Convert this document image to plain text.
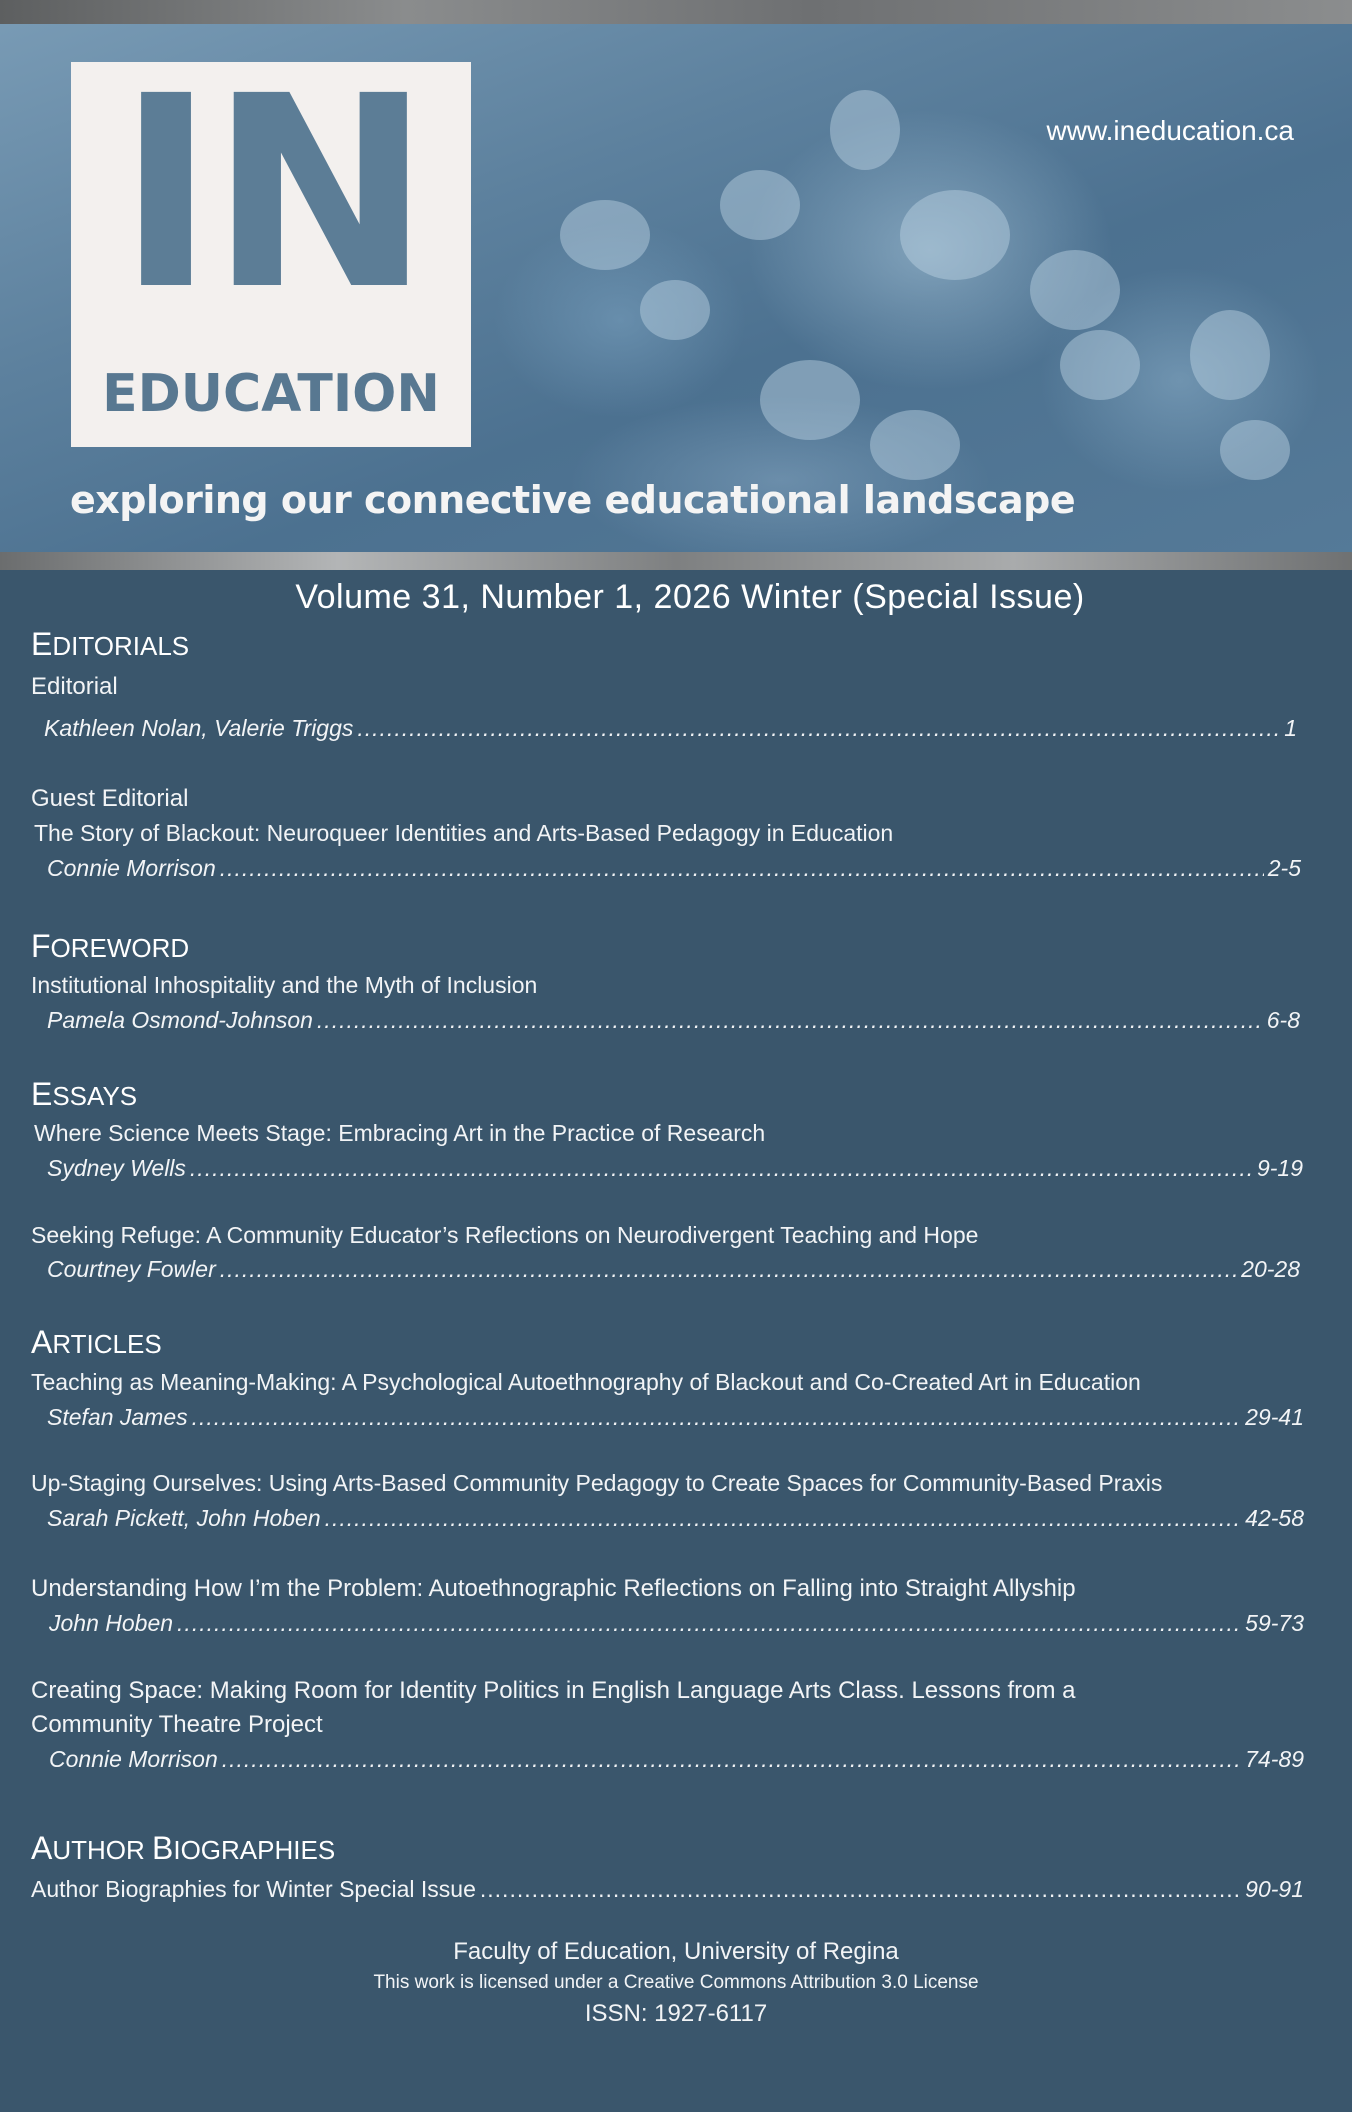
IN
EDUCATION
www.ineducation.ca
exploring our connective educational landscape
Volume 31, Number 1, 2026 Winter (Special Issue)
EDITORIALS
Editorial
Kathleen Nolan, Valerie Triggs .....	1
Guest Editorial
The Story of Blackout: Neuroqueer Identities and Arts-Based Pedagogy in Education
Connie Morrison .....	2-5
FOREWORD
Institutional Inhospitality and the Myth of Inclusion
Pamela Osmond-Johnson .....	6-8
ESSAYS
Where Science Meets Stage: Embracing Art in the Practice of Research
Sydney Wells .....	9-19
Seeking Refuge: A Community Educator’s Reflections on Neurodivergent Teaching and Hope
Courtney Fowler .....	20-28
ARTICLES
Teaching as Meaning-Making: A Psychological Autoethnography of Blackout and Co-Created Art in Education
Stefan James .....	29-41
Up-Staging Ourselves: Using Arts-Based Community Pedagogy to Create Spaces for Community-Based Praxis
Sarah Pickett, John Hoben .....	42-58
Understanding How I’m the Problem: Autoethnographic Reflections on Falling into Straight Allyship
John Hoben .....	59-73
Creating Space: Making Room for Identity Politics in English Language Arts Class. Lessons from a
Community Theatre Project
Connie Morrison .....	74-89
AUTHOR BIOGRAPHIES
Author Biographies for Winter Special Issue .....	90-91
Faculty of Education, University of Regina
This work is licensed under a Creative Commons Attribution 3.0 License
ISSN: 1927-6117
